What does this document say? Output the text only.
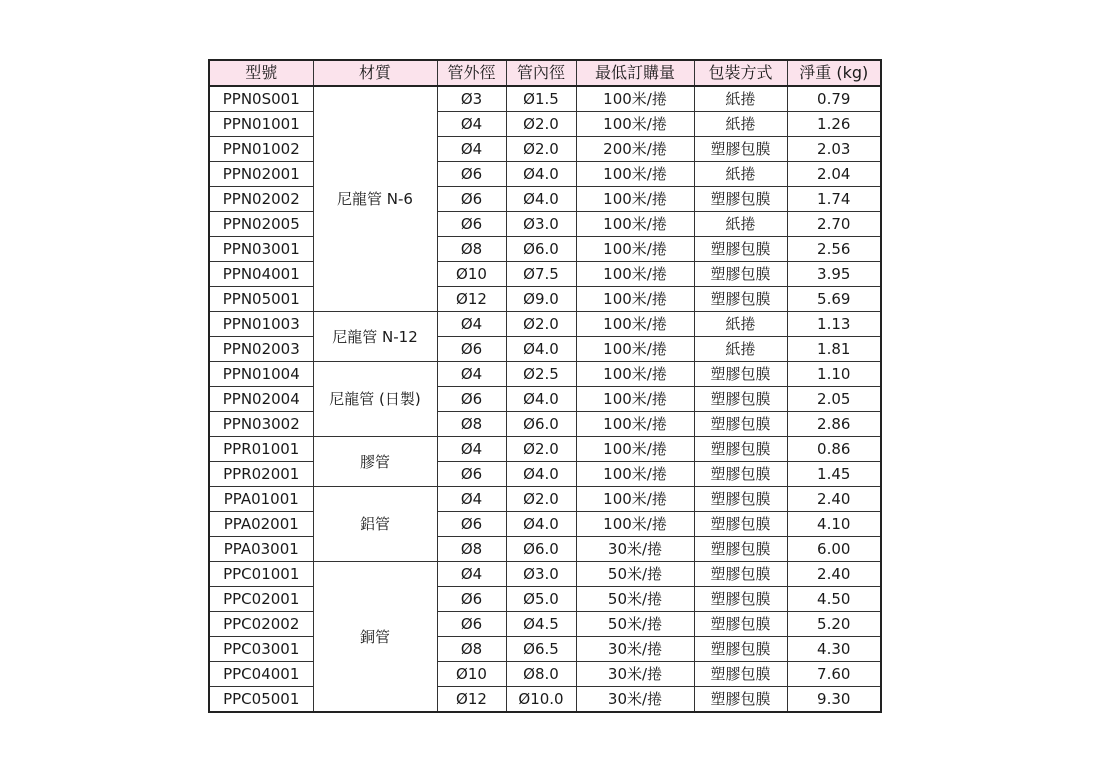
型號	材質	管外徑	管內徑	最低訂購量	包裝方式	淨重 (kg)
PPN0S001	尼龍管 N-6	Ø3	Ø1.5	100米/捲	紙捲	0.79
PPN01001		Ø4	Ø2.0	100米/捲	紙捲	1.26
PPN01002		Ø4	Ø2.0	200米/捲	塑膠包膜	2.03
PPN02001		Ø6	Ø4.0	100米/捲	紙捲	2.04
PPN02002		Ø6	Ø4.0	100米/捲	塑膠包膜	1.74
PPN02005		Ø6	Ø3.0	100米/捲	紙捲	2.70
PPN03001		Ø8	Ø6.0	100米/捲	塑膠包膜	2.56
PPN04001		Ø10	Ø7.5	100米/捲	塑膠包膜	3.95
PPN05001		Ø12	Ø9.0	100米/捲	塑膠包膜	5.69
PPN01003	尼龍管 N-12	Ø4	Ø2.0	100米/捲	紙捲	1.13
PPN02003		Ø6	Ø4.0	100米/捲	紙捲	1.81
PPN01004	尼龍管 (日製)	Ø4	Ø2.5	100米/捲	塑膠包膜	1.10
PPN02004		Ø6	Ø4.0	100米/捲	塑膠包膜	2.05
PPN03002		Ø8	Ø6.0	100米/捲	塑膠包膜	2.86
PPR01001	膠管	Ø4	Ø2.0	100米/捲	塑膠包膜	0.86
PPR02001		Ø6	Ø4.0	100米/捲	塑膠包膜	1.45
PPA01001	鋁管	Ø4	Ø2.0	100米/捲	塑膠包膜	2.40
PPA02001		Ø6	Ø4.0	100米/捲	塑膠包膜	4.10
PPA03001		Ø8	Ø6.0	30米/捲	塑膠包膜	6.00
PPC01001	銅管	Ø4	Ø3.0	50米/捲	塑膠包膜	2.40
PPC02001		Ø6	Ø5.0	50米/捲	塑膠包膜	4.50
PPC02002		Ø6	Ø4.5	50米/捲	塑膠包膜	5.20
PPC03001		Ø8	Ø6.5	30米/捲	塑膠包膜	4.30
PPC04001		Ø10	Ø8.0	30米/捲	塑膠包膜	7.60
PPC05001		Ø12	Ø10.0	30米/捲	塑膠包膜	9.30
